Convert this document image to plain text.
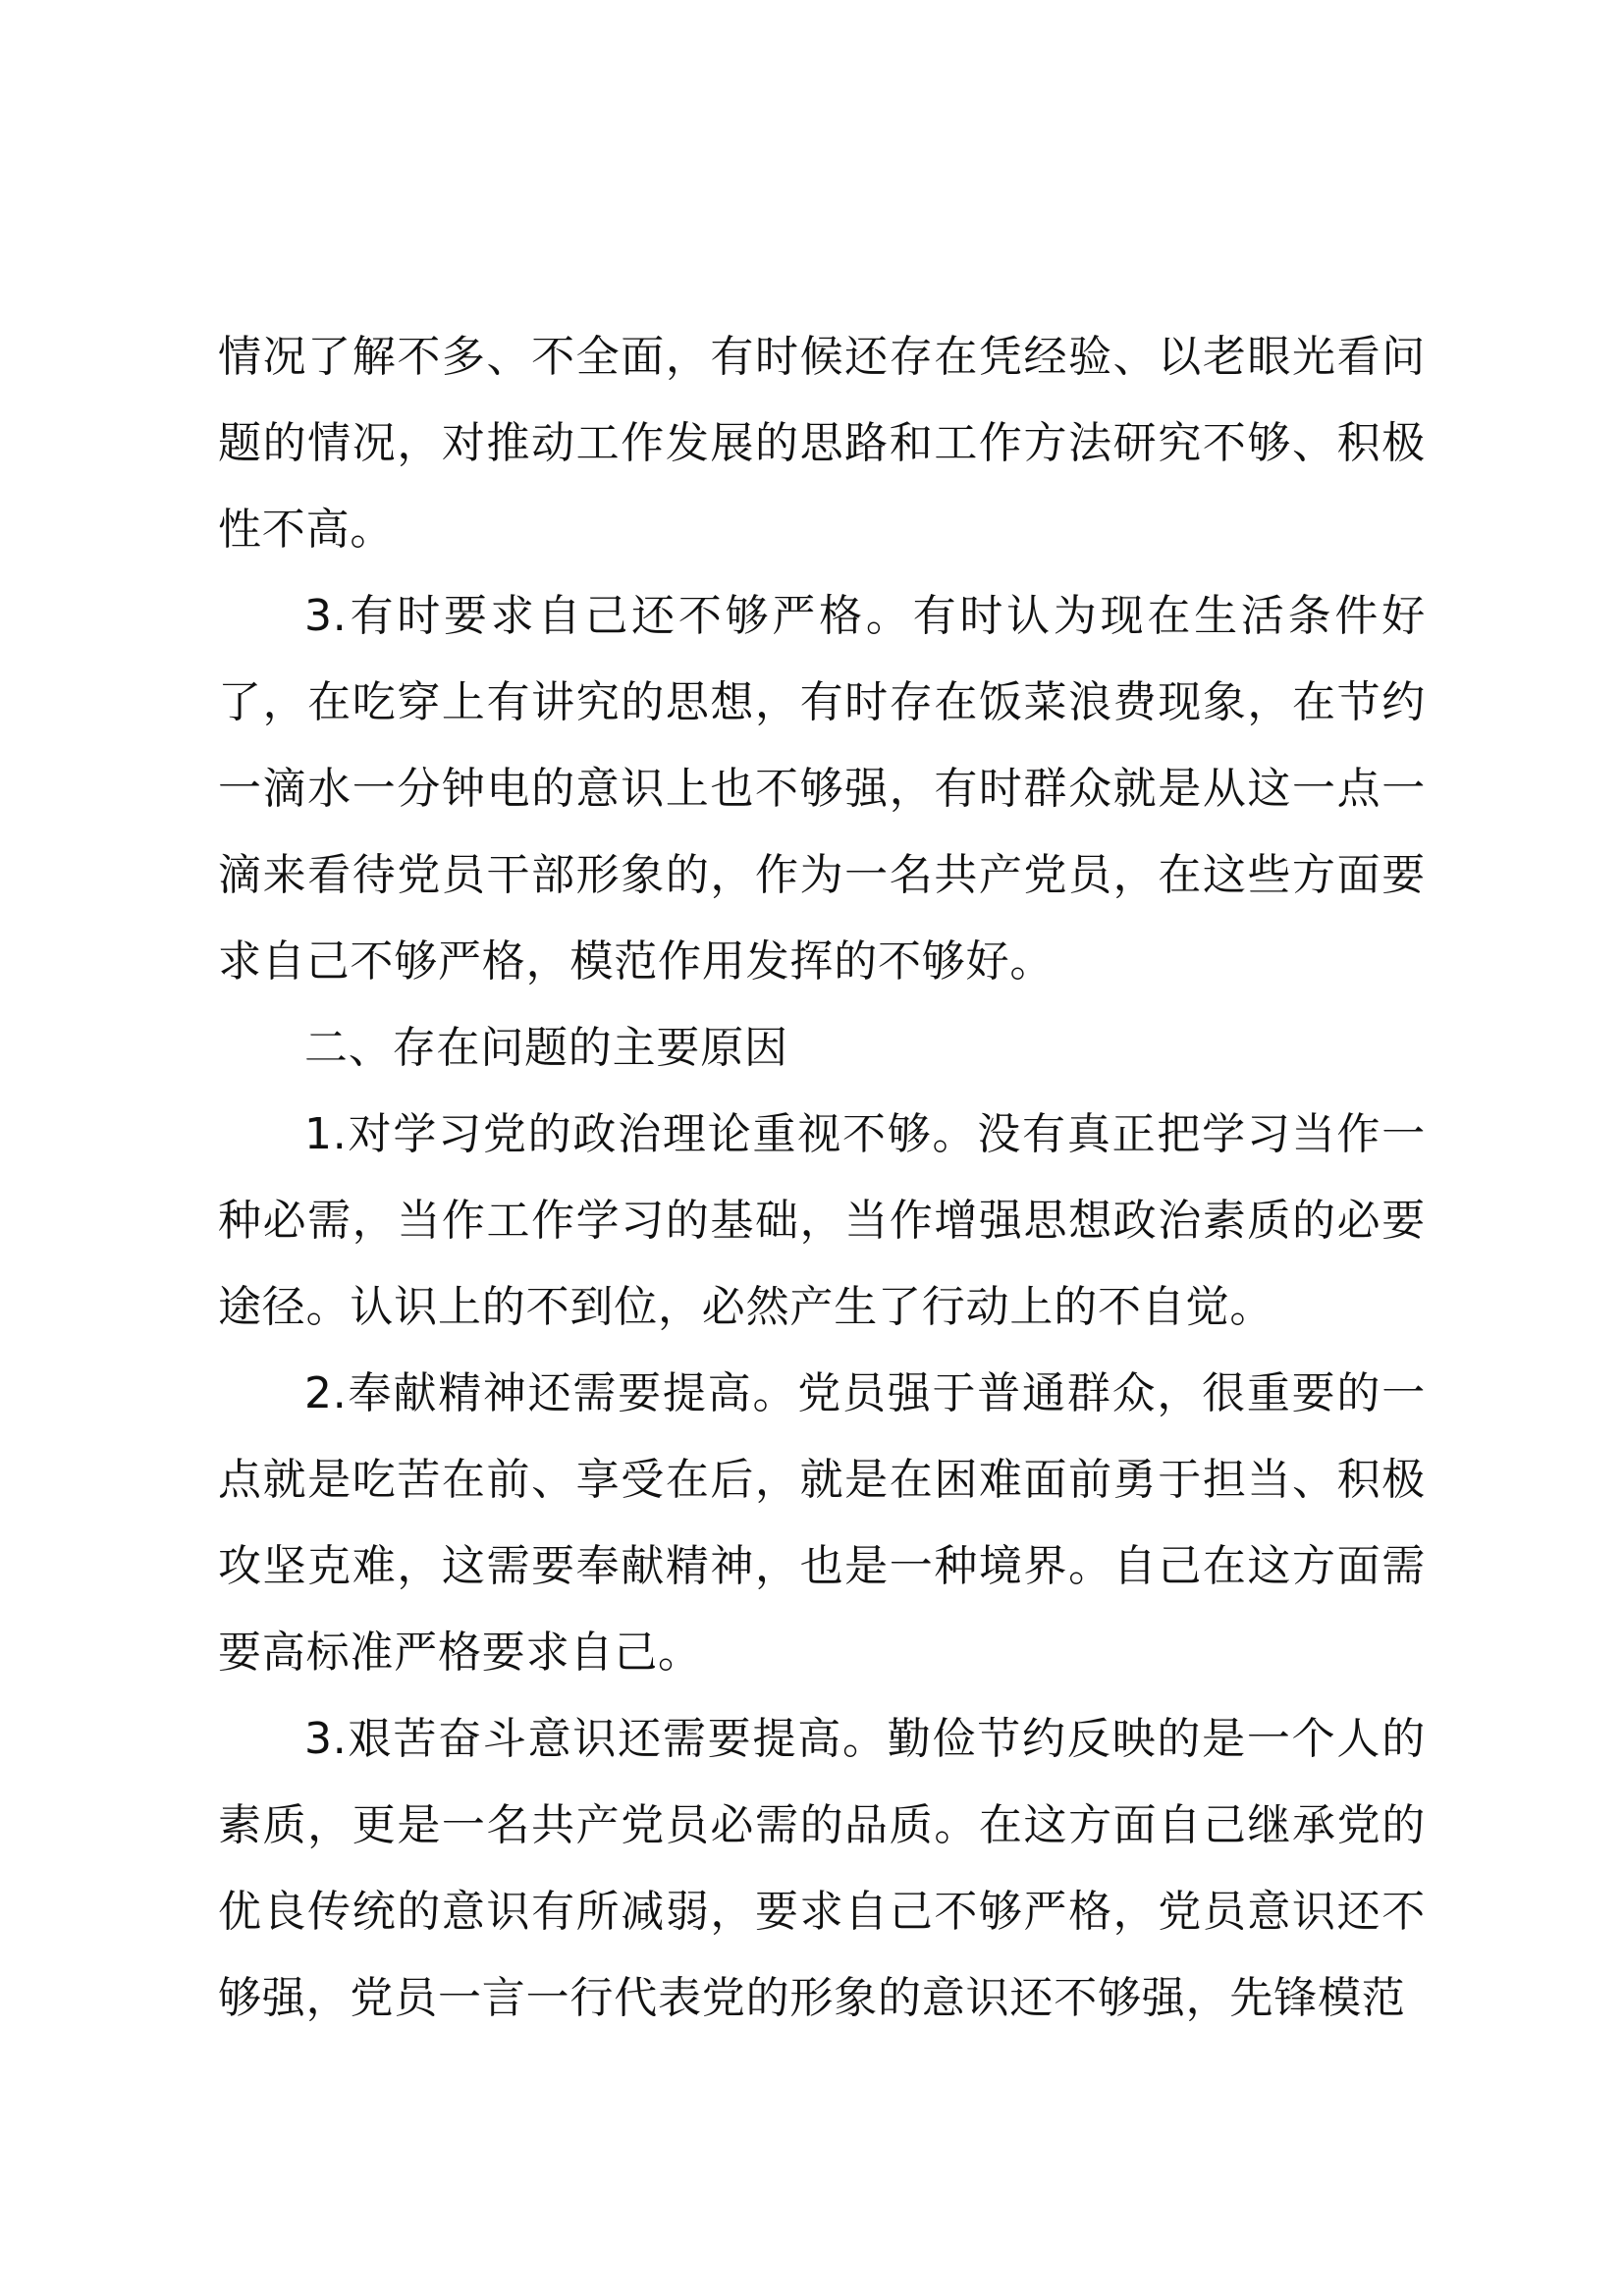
情况了解不多、不全面，有时候还存在凭经验、以老眼光看问题的情况，对推动工作发展的思路和工作方法研究不够、积极性不高。

3.有时要求自己还不够严格。有时认为现在生活条件好了，在吃穿上有讲究的思想，有时存在饭菜浪费现象，在节约一滴水一分钟电的意识上也不够强，有时群众就是从这一点一滴来看待党员干部形象的，作为一名共产党员，在这些方面要求自己不够严格，模范作用发挥的不够好。

二、存在问题的主要原因

1.对学习党的政治理论重视不够。没有真正把学习当作一种必需，当作工作学习的基础，当作增强思想政治素质的必要途径。认识上的不到位，必然产生了行动上的不自觉。

2.奉献精神还需要提高。党员强于普通群众，很重要的一点就是吃苦在前、享受在后，就是在困难面前勇于担当、积极攻坚克难，这需要奉献精神，也是一种境界。自己在这方面需要高标准严格要求自己。

3.艰苦奋斗意识还需要提高。勤俭节约反映的是一个人的素质，更是一名共产党员必需的品质。在这方面自己继承党的优良传统的意识有所减弱，要求自己不够严格，党员意识还不够强，党员一言一行代表党的形象的意识还不够强，先锋模范
